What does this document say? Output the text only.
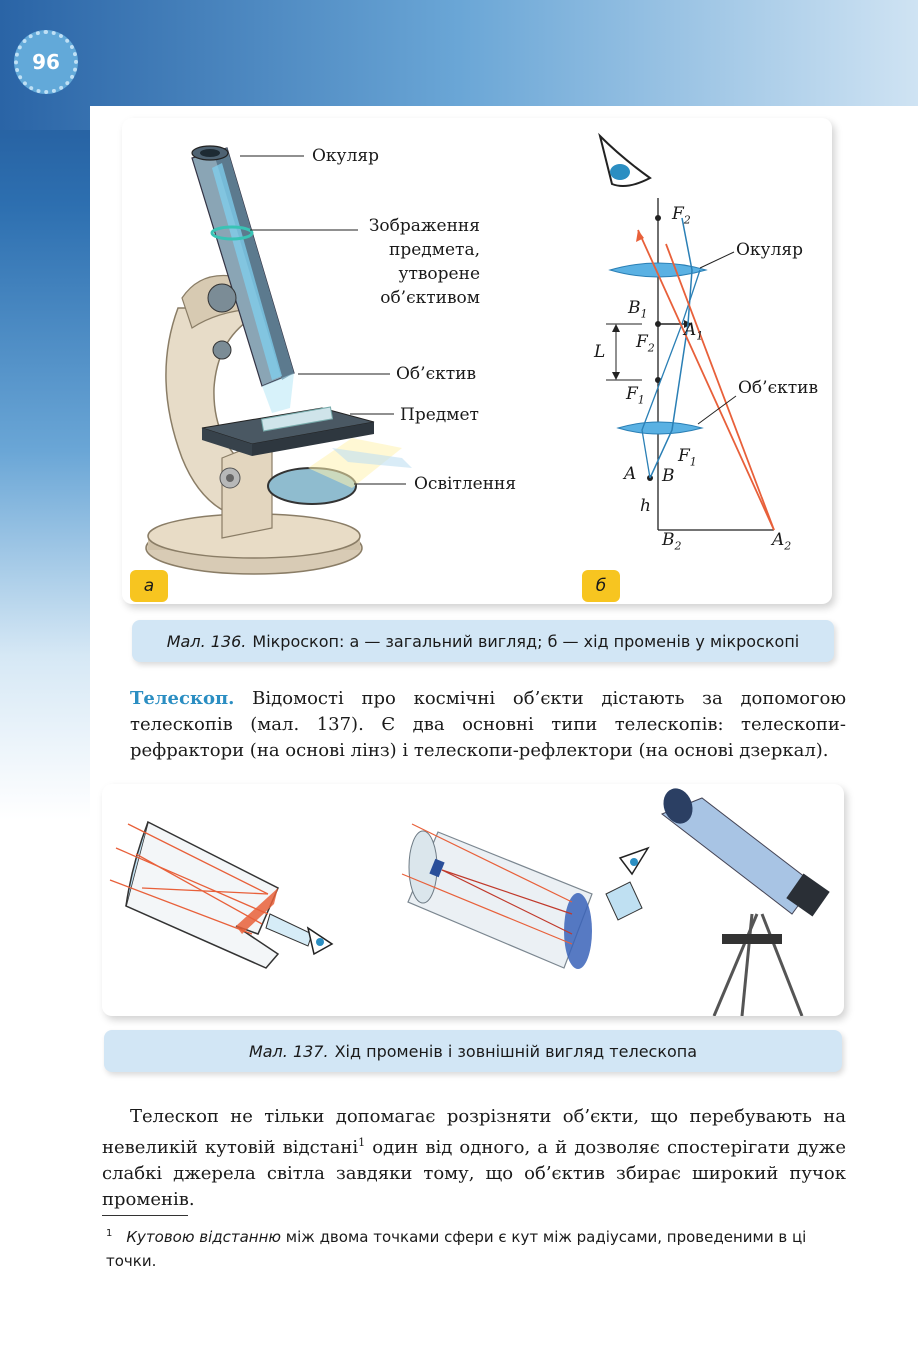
96
Окуляр
Зображення
предмета,
утворене
об’єктивом
Об’єктив
Предмет
Освітлення
Окуляр
Об’єктив
L
h
$F_2$
$B_1$
$A_1$
$F_2$
$F_1$
$F_1$
A B
$B_2$	$A_2$
а	б
Мал. 136. Мікроскоп: а — загальний вигляд; б — хід променів у мікроскопі
Телескоп. Відомості про космічні об’єкти дістають за допомогою телескопів (мал. 137). Є два основні типи телескопів: телескопи-рефрактори (на основі лінз) і телескопи-рефлектори (на основі дзеркал).
Мал. 137. Хід променів і зовнішній вигляд телескопа
Телескоп не тільки допомагає розрізняти об’єкти, що перебувають на невеликій кутовій відстані$^1$ один від одного, а й дозволяє спостерігати дуже слабкі джерела світла завдяки тому, що об’єктив збирає широкий пучок променів.
$^1$ Кутовою відстанню між двома точками сфери є кут між радіусами, проведеними в ці точки.
